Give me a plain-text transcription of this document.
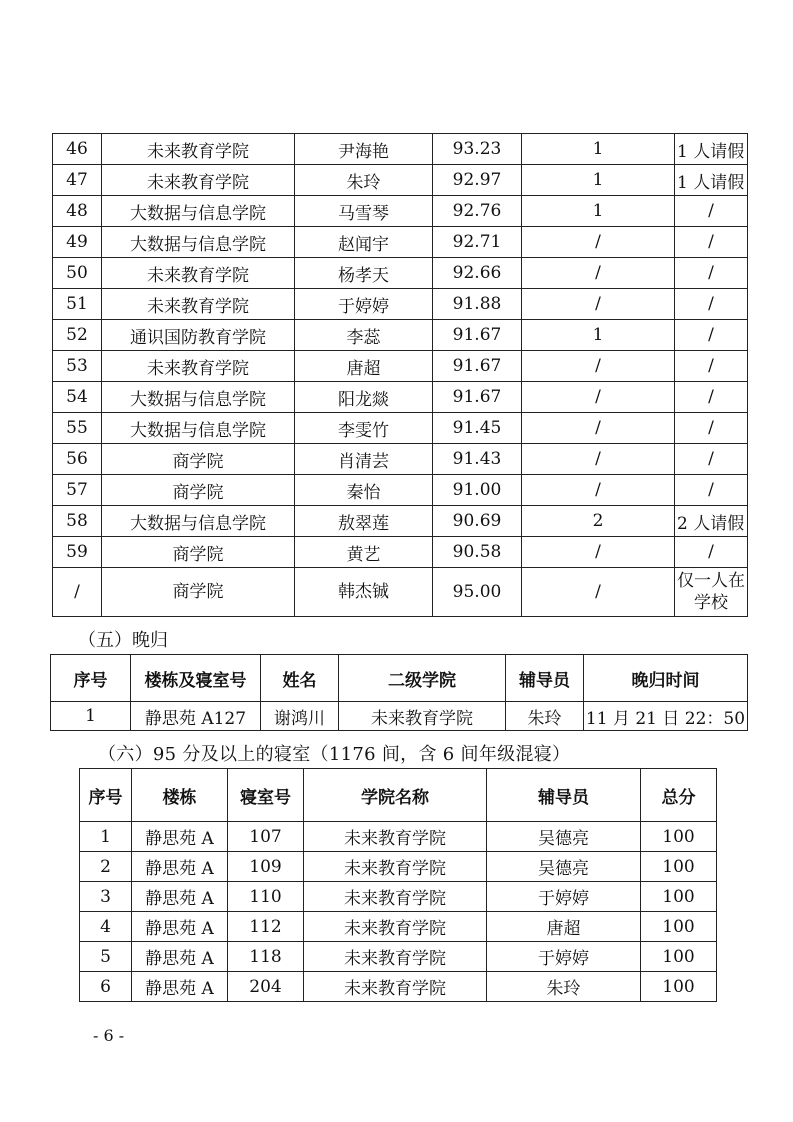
46	未来教育学院	尹海艳	93.23	1	1 人请假
47	未来教育学院	朱玲	92.97	1	1 人请假
48	大数据与信息学院	马雪琴	92.76	1	/
49	大数据与信息学院	赵闻宇	92.71	/	/
50	未来教育学院	杨孝天	92.66	/	/
51	未来教育学院	于婷婷	91.88	/	/
52	通识国防教育学院	李蕊	91.67	1	/
53	未来教育学院	唐超	91.67	/	/
54	大数据与信息学院	阳龙燚	91.67	/	/
55	大数据与信息学院	李雯竹	91.45	/	/
56	商学院	肖清芸	91.43	/	/
57	商学院	秦怡	91.00	/	/
58	大数据与信息学院	敖翠莲	90.69	2	2 人请假
59	商学院	黄艺	90.58	/	/
/	商学院	韩杰铖	95.00	/	仅一人在学校
（五）晚归
序号	楼栋及寝室号	姓名	二级学院	辅导员	晚归时间
1	静思苑 A127	谢鸿川	未来教育学院	朱玲	11 月 21 日 22：50
（六）95 分及以上的寝室（1176 间，含 6 间年级混寝）
序号	楼栋	寝室号	学院名称	辅导员	总分
1	静思苑 A	107	未来教育学院	吴德亮	100
2	静思苑 A	109	未来教育学院	吴德亮	100
3	静思苑 A	110	未来教育学院	于婷婷	100
4	静思苑 A	112	未来教育学院	唐超	100
5	静思苑 A	118	未来教育学院	于婷婷	100
6	静思苑 A	204	未来教育学院	朱玲	100
- 6 -
